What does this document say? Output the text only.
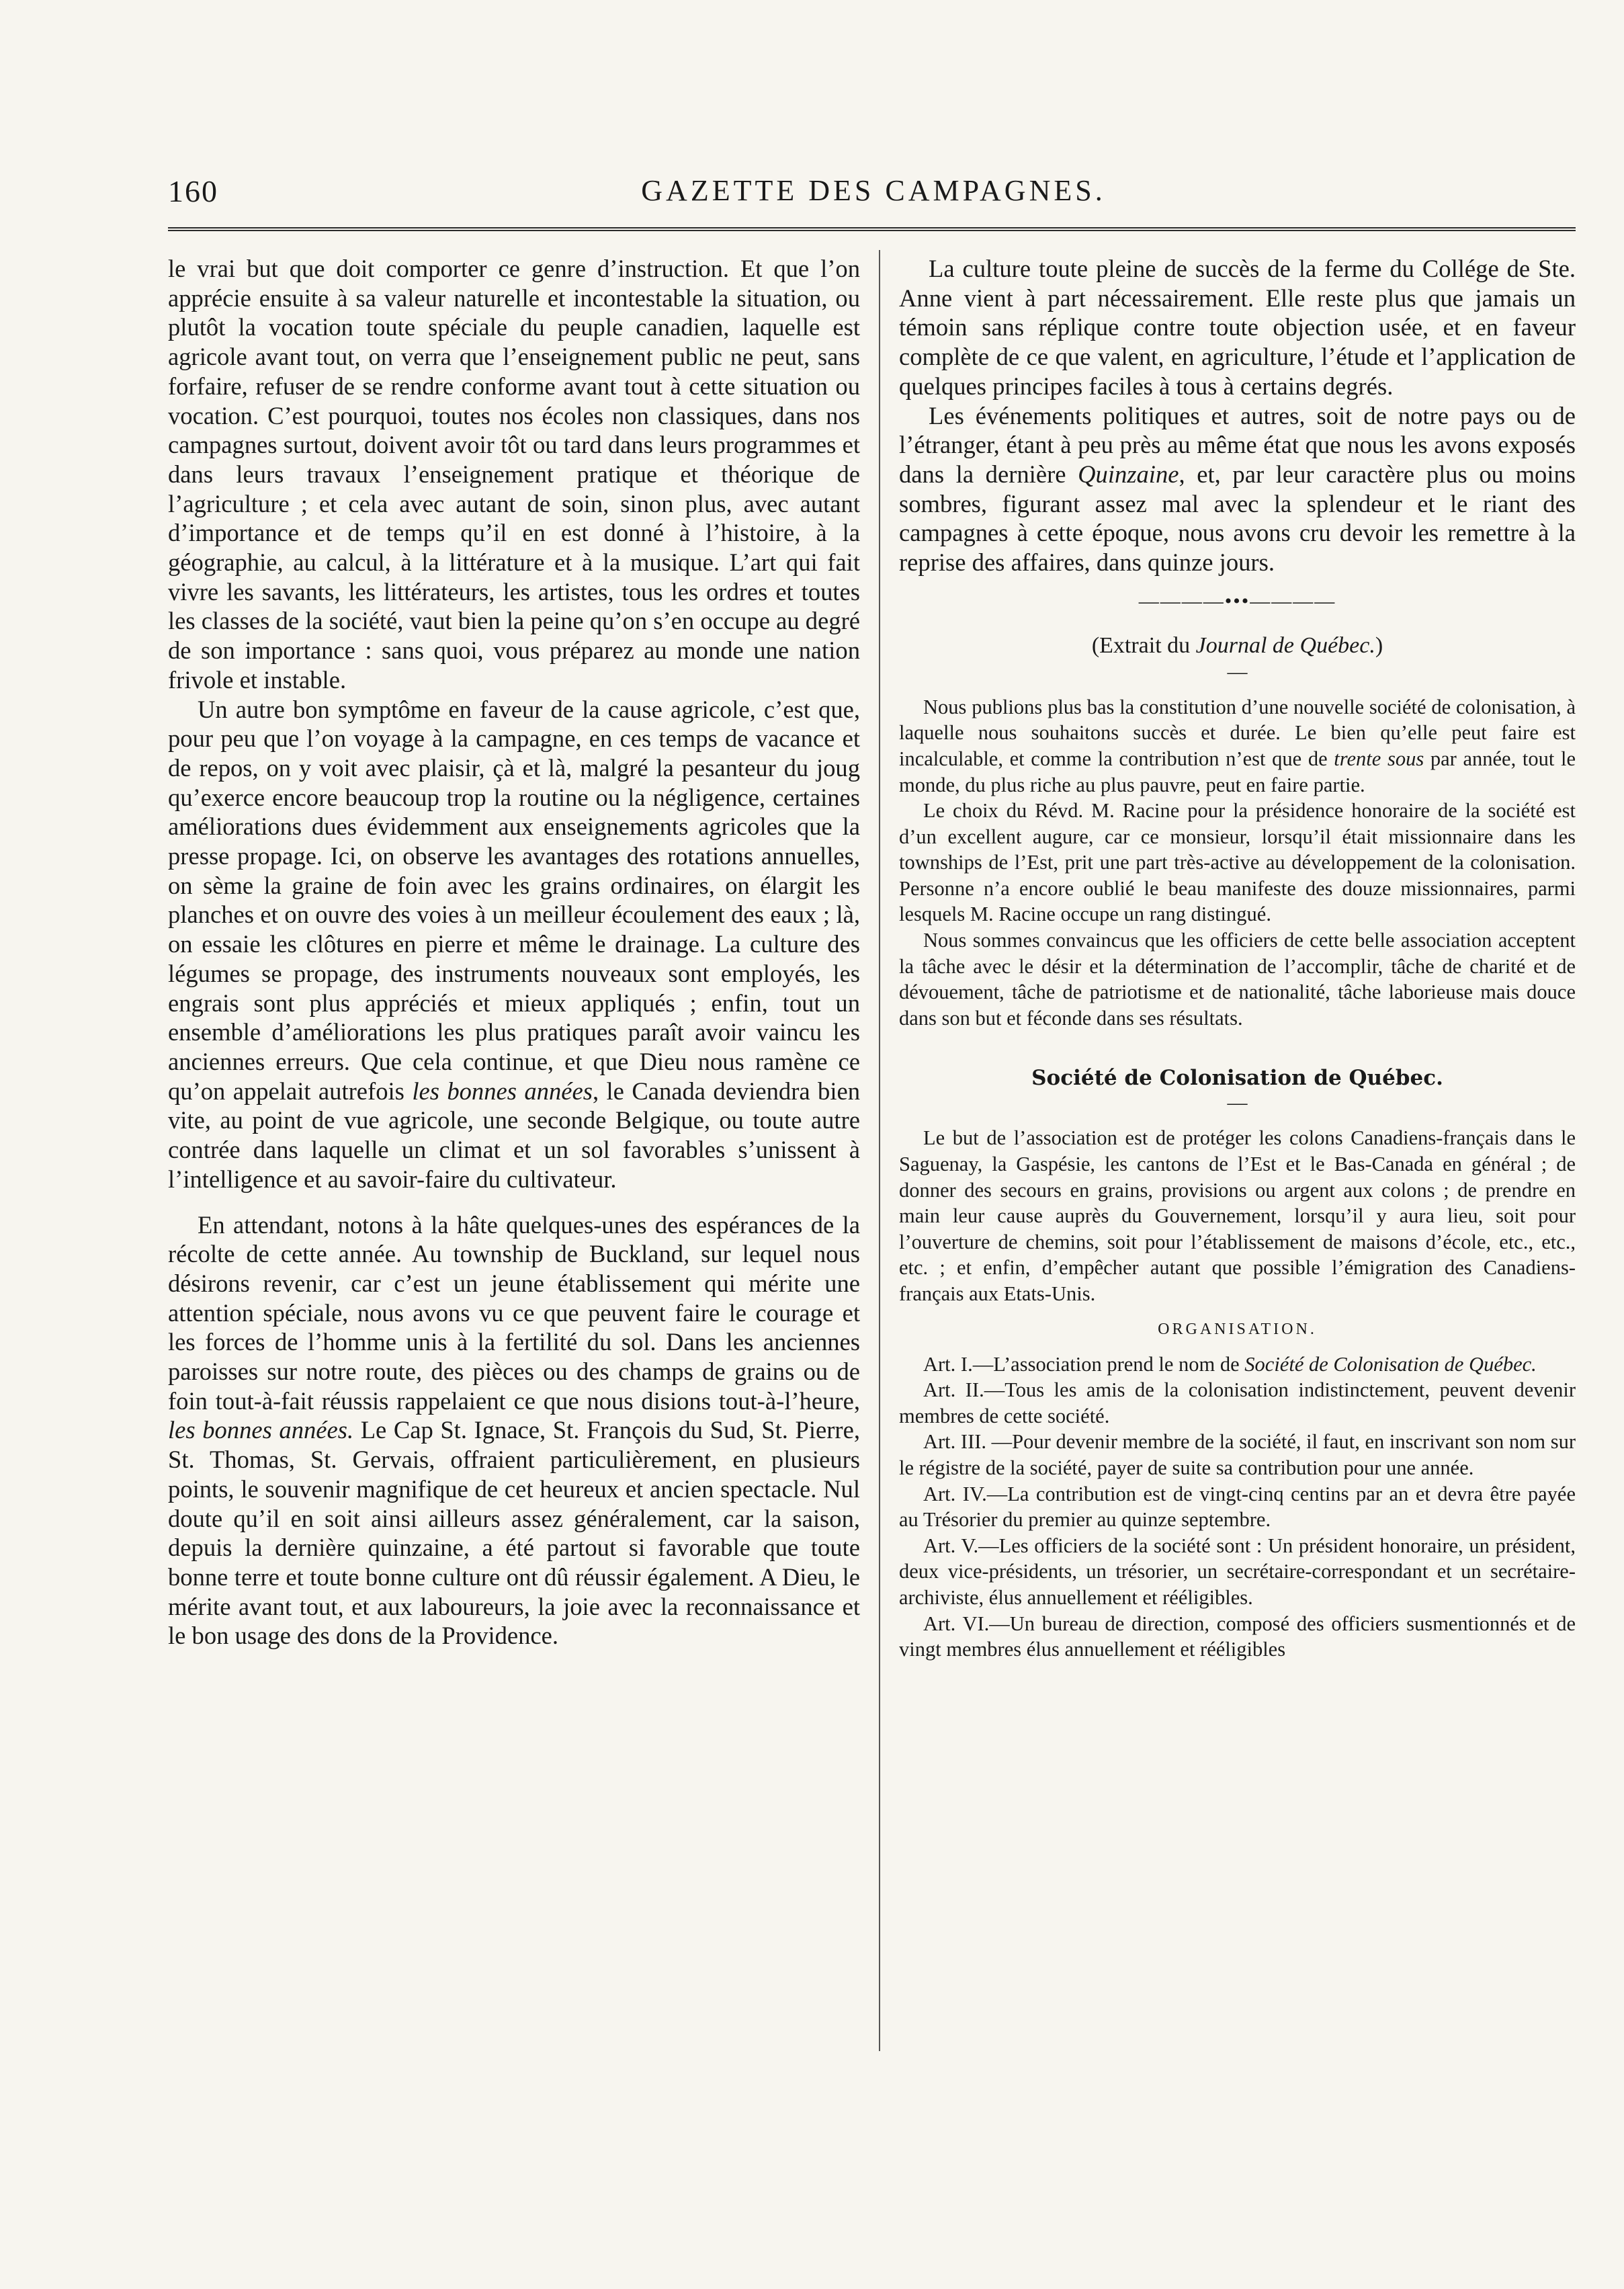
160	GAZETTE DES CAMPAGNES.

le vrai but que doit comporter ce genre d’instruction. Et que l’on apprécie ensuite à sa valeur naturelle et incontestable la situation, ou plutôt la vocation toute spéciale du peuple canadien, laquelle est agricole avant tout, on verra que l’enseignement public ne peut, sans forfaire, refuser de se rendre conforme avant tout à cette situation ou vocation. C’est pourquoi, toutes nos écoles non classiques, dans nos campagnes surtout, doivent avoir tôt ou tard dans leurs programmes et dans leurs travaux l’enseignement pratique et théorique de l’agriculture ; et cela avec autant de soin, sinon plus, avec autant d’importance et de temps qu’il en est donné à l’histoire, à la géographie, au calcul, à la littérature et à la musique. L’art qui fait vivre les savants, les littérateurs, les artistes, tous les ordres et toutes les classes de la société, vaut bien la peine qu’on s’en occupe au degré de son importance : sans quoi, vous préparez au monde une nation frivole et instable.

Un autre bon symptôme en faveur de la cause agricole, c’est que, pour peu que l’on voyage à la campagne, en ces temps de vacance et de repos, on y voit avec plaisir, çà et là, malgré la pesanteur du joug qu’exerce encore beaucoup trop la routine ou la négligence, certaines améliorations dues évidemment aux enseignements agricoles que la presse propage. Ici, on observe les avantages des rotations annuelles, on sème la graine de foin avec les grains ordinaires, on élargit les planches et on ouvre des voies à un meilleur écoulement des eaux ; là, on essaie les clôtures en pierre et même le drainage. La culture des légumes se propage, des instruments nouveaux sont employés, les engrais sont plus appréciés et mieux appliqués ; enfin, tout un ensemble d’améliorations les plus pratiques paraît avoir vaincu les anciennes erreurs. Que cela continue, et que Dieu nous ramène ce qu’on appelait autrefois les bonnes années, le Canada deviendra bien vite, au point de vue agricole, une seconde Belgique, ou toute autre contrée dans laquelle un climat et un sol favorables s’unissent à l’intelligence et au savoir-faire du cultivateur.

En attendant, notons à la hâte quelques-unes des espérances de la récolte de cette année. Au township de Buckland, sur lequel nous désirons revenir, car c’est un jeune établissement qui mérite une attention spéciale, nous avons vu ce que peuvent faire le courage et les forces de l’homme unis à la fertilité du sol. Dans les anciennes paroisses sur notre route, des pièces ou des champs de grains ou de foin tout-à-fait réussis rappelaient ce que nous disions tout-à-l’heure, les bonnes années. Le Cap St. Ignace, St. François du Sud, St. Pierre, St. Thomas, St. Gervais, offraient particulièrement, en plusieurs points, le souvenir magnifique de cet heureux et ancien spectacle. Nul doute qu’il en soit ainsi ailleurs assez généralement, car la saison, depuis la dernière quinzaine, a été partout si favorable que toute bonne terre et toute bonne culture ont dû réussir également. A Dieu, le mérite avant tout, et aux laboureurs, la joie avec la reconnaissance et le bon usage des dons de la Providence.

La culture toute pleine de succès de la ferme du Collége de Ste. Anne vient à part nécessairement. Elle reste plus que jamais un témoin sans réplique contre toute objection usée, et en faveur complète de ce que valent, en agriculture, l’étude et l’application de quelques principes faciles à tous à certains degrés.

Les événements politiques et autres, soit de notre pays ou de l’étranger, étant à peu près au même état que nous les avons exposés dans la dernière Quinzaine, et, par leur caractère plus ou moins sombres, figurant assez mal avec la splendeur et le riant des campagnes à cette époque, nous avons cru devoir les remettre à la reprise des affaires, dans quinze jours.

————•••————
(Extrait du Journal de Québec.)
—

Nous publions plus bas la constitution d’une nouvelle société de colonisation, à laquelle nous souhaitons succès et durée. Le bien qu’elle peut faire est incalculable, et comme la contribution n’est que de trente sous par année, tout le monde, du plus riche au plus pauvre, peut en faire partie.

Le choix du Révd. M. Racine pour la présidence honoraire de la société est d’un excellent augure, car ce monsieur, lorsqu’il était missionnaire dans les townships de l’Est, prit une part très-active au développement de la colonisation. Personne n’a encore oublié le beau manifeste des douze missionnaires, parmi lesquels M. Racine occupe un rang distingué.

Nous sommes convaincus que les officiers de cette belle association acceptent la tâche avec le désir et la détermination de l’accomplir, tâche de charité et de dévouement, tâche de patriotisme et de nationalité, tâche laborieuse mais douce dans son but et féconde dans ses résultats.

Société de Colonisation de Québec.
—

Le but de l’association est de protéger les colons Canadiens-français dans le Saguenay, la Gaspésie, les cantons de l’Est et le Bas-Canada en général ; de donner des secours en grains, provisions ou argent aux colons ; de prendre en main leur cause auprès du Gouvernement, lorsqu’il y aura lieu, soit pour l’ouverture de chemins, soit pour l’établissement de maisons d’école, etc., etc., etc. ; et enfin, d’empêcher autant que possible l’émigration des Canadiens-français aux Etats-Unis.

ORGANISATION.

Art. I.—L’association prend le nom de Société de Colonisation de Québec.

Art. II.—Tous les amis de la colonisation indistinctement, peuvent devenir membres de cette société.

Art. III. —Pour devenir membre de la société, il faut, en inscrivant son nom sur le régistre de la société, payer de suite sa contribution pour une année.

Art. IV.—La contribution est de vingt-cinq centins par an et devra être payée au Trésorier du premier au quinze septembre.

Art. V.—Les officiers de la société sont : Un président honoraire, un président, deux vice-présidents, un trésorier, un secrétaire-correspondant et un secrétaire-archiviste, élus annuellement et rééligibles.

Art. VI.—Un bureau de direction, composé des officiers susmentionnés et de vingt membres élus annuellement et rééligibles
